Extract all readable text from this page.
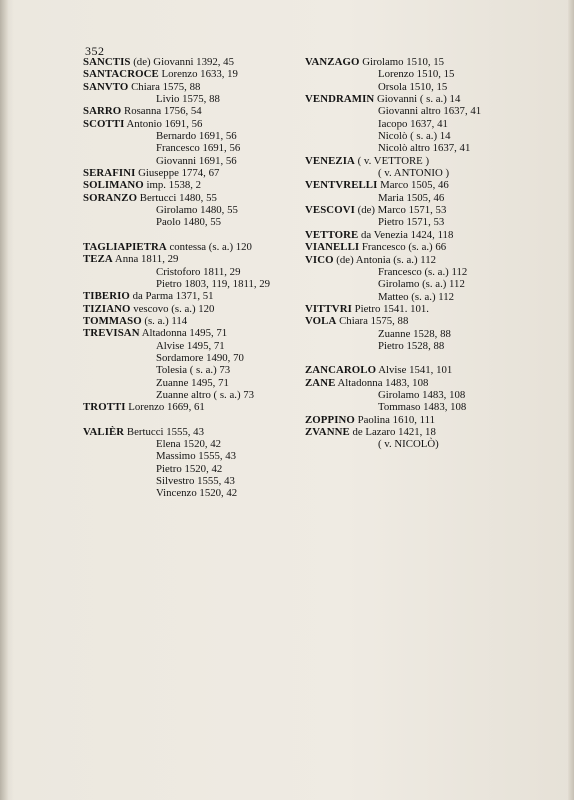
352
SANCTIS (de) Giovanni 1392, 45
SANTACROCE Lorenzo 1633, 19
SANVTO Chiara 1575, 88
Livio 1575, 88
SARRO Rosanna 1756, 54
SCOTTI Antonio 1691, 56
Bernardo 1691, 56
Francesco 1691, 56
Giovanni 1691, 56
SERAFINI Giuseppe 1774, 67
SOLIMANO imp. 1538, 2
SORANZO Bertucci 1480, 55
Girolamo 1480, 55
Paolo 1480, 55
TAGLIAPIETRA contessa (s. a.) 120
TEZA Anna 1811, 29
Cristoforo 1811, 29
Pietro 1803, 119, 1811, 29
TIBERIO da Parma 1371, 51
TIZIANO vescovo (s. a.) 120
TOMMASO (s. a.) 114
TREVISAN Altadonna 1495, 71
Alvise 1495, 71
Sordamore 1490, 70
Tolesia ( s. a.) 73
Zuanne 1495, 71
Zuanne altro ( s. a.) 73
TROTTI Lorenzo 1669, 61
VALIÈR Bertucci 1555, 43
Elena 1520, 42
Massimo 1555, 43
Pietro 1520, 42
Silvestro 1555, 43
Vincenzo 1520, 42
VANZAGO Girolamo 1510, 15
Lorenzo 1510, 15
Orsola 1510, 15
VENDRAMIN Giovanni ( s. a.) 14
Giovanni altro 1637, 41
Iacopo 1637, 41
Nicolò ( s. a.) 14
Nicolò altro 1637, 41
VENEZIA ( v. VETTORE )
( v. ANTONIO )
VENTVRELLI Marco 1505, 46
Maria 1505, 46
VESCOVI (de) Marco 1571, 53
Pietro 1571, 53
VETTORE da Venezia 1424, 118
VIANELLI Francesco (s. a.) 66
VICO (de) Antonia (s. a.) 112
Francesco (s. a.) 112
Girolamo (s. a.) 112
Matteo (s. a.) 112
VITTVRI Pietro 1541. 101.
VOLA Chiara 1575, 88
Zuanne 1528, 88
Pietro 1528, 88
ZANCAROLO Alvise 1541, 101
ZANE Altadonna 1483, 108
Girolamo 1483, 108
Tommaso 1483, 108
ZOPPINO Paolina 1610, 111
ZVANNE de Lazaro 1421, 18
( v. NICOLÒ)
